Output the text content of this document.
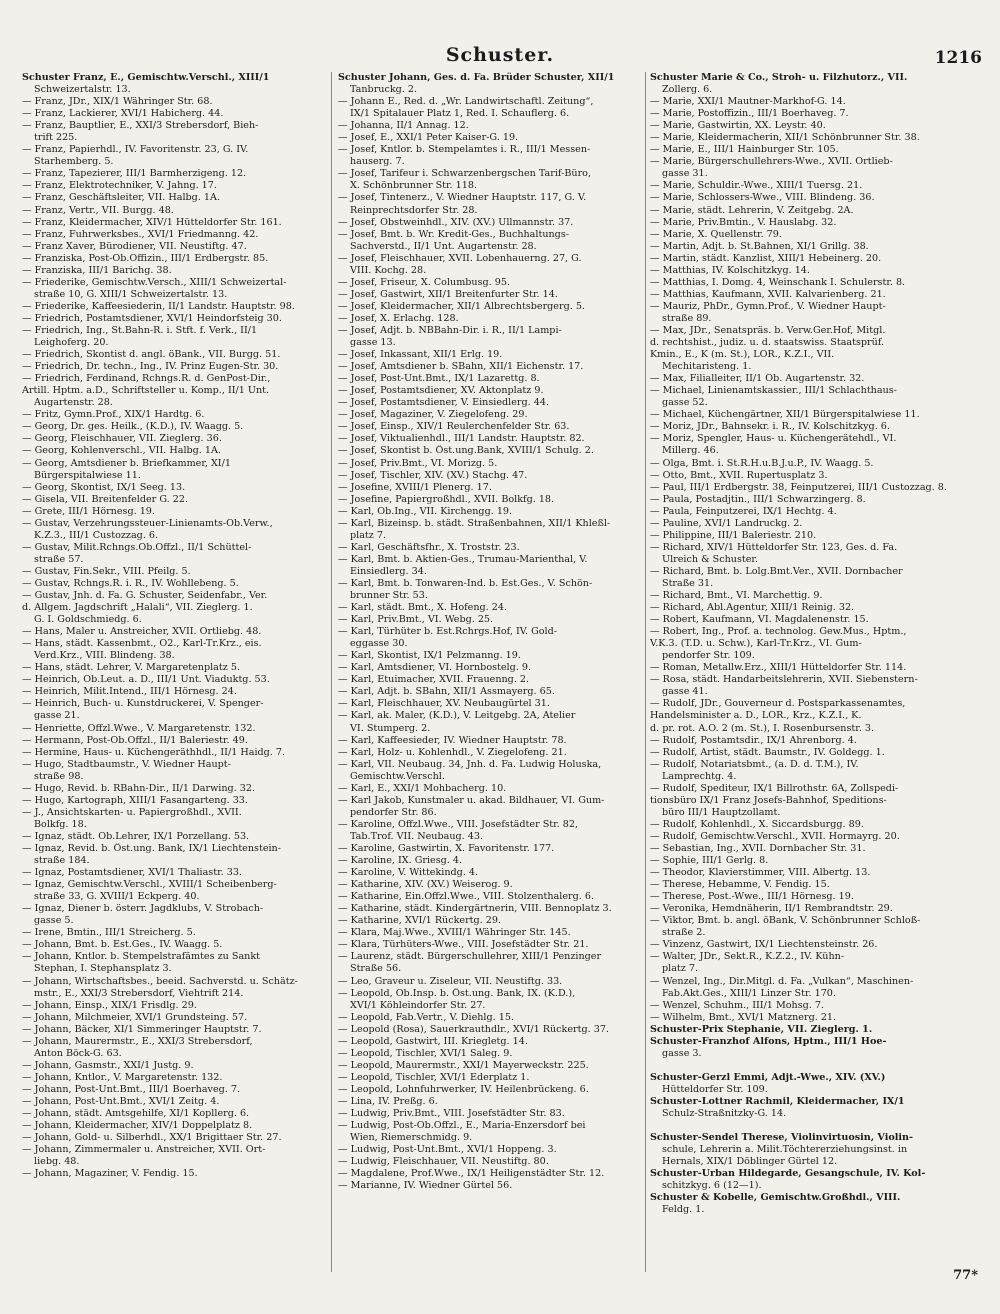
Schuster.	1216
Schuster Franz, E., Gemischtw.Verschl., XIII/1
Schweizertalstr. 13.
— Franz, JDr., XIX/1 Währinger Str. 68.
— Franz, Lackierer, XVI/1 Habicherg. 44.
— Franz, Bauptlier, E., XXI/3 Strebersdorf, Bieh-
trift 225.
— Franz, Papierhdl., IV. Favoritenstr. 23, G. IV.
Starhemberg. 5.
— Franz, Tapezierer, III/1 Barmherzigeng. 12.
— Franz, Elektrotechniker, V. Jahng. 17.
— Franz, Geschäftsleiter, VII. Halbg. 1A.
— Franz, Vertr., VII. Burgg. 48.
— Franz, Kleidermacher, XIV/1 Hütteldorfer Str. 161.
— Franz, Fuhrwerksbes., XVI/1 Friedmanng. 42.
— Franz Xaver, Bürodiener, VII. Neustiftg. 47.
— Franziska, Post-Ob.Offizin., III/1 Erdbergstr. 85.
— Franziska, III/1 Barichg. 38.
— Friederike, Gemischtw.Versch., XIII/1 Schweizertal-
straße 10, G. XIII/1 Schweizertalstr. 13.
— Friederike, Kaffeesiederin, II/1 Landstr. Hauptstr. 98.
— Friedrich, Postamtsdiener, XVI/1 Heindorfsteig 30.
— Friedrich, Ing., St.Bahn-R. i. Stft. f. Verk., II/1
Leighoferg. 20.
— Friedrich, Skontist d. angl. öBank., VII. Burgg. 51.
— Friedrich, Dr. techn., Ing., IV. Prinz Eugen-Str. 30.
— Friedrich, Ferdinand, Rchngs.R. d. GenPost-Dir.,
Artill. Hptm. a.D., Schriftsteller u. Komp., II/1 Unt.
Augartenstr. 28.
— Fritz, Gymn.Prof., XIX/1 Hardtg. 6.
— Georg, Dr. ges. Heilk., (K.D.), IV. Waagg. 5.
— Georg, Fleischhauer, VII. Zieglerg. 36.
— Georg, Kohlenverschl., VII. Halbg. 1A.
— Georg, Amtsdiener b. Briefkammer, XI/1
Bürgerspitalwiese 11.
— Georg, Skontist, IX/1 Seeg. 13.
— Gisela, VII. Breitenfelder G. 22.
— Grete, III/1 Hörnesg. 19.
— Gustav, Verzehrungssteuer-Linienamts-Ob.Verw.,
K.Z.3., III/1 Custozzag. 6.
— Gustav, Milit.Rchngs.Ob.Offzl., II/1 Schüttel-
straße 57.
— Gustav, Fin.Sekr., VIII. Pfeilg. 5.
— Gustav, Rchngs.R. i. R., IV. Wohllebeng. 5.
— Gustav, Jnh. d. Fa. G. Schuster, Seidenfabr., Ver.
d. Allgem. Jagdschrift „Halali“, VII. Zieglerg. 1.
G. I. Goldschmiedg. 6.
— Hans, Maler u. Anstreicher, XVII. Ortliebg. 48.
— Hans, städt. Kassenbmt., O2., Karl-Tr.Krz., eis.
Verd.Krz., VIII. Blindeng. 38.
— Hans, städt. Lehrer, V. Margaretenplatz 5.
— Heinrich, Ob.Leut. a. D., III/1 Unt. Viaduktg. 53.
— Heinrich, Milit.Intend., III/1 Hörnesg. 24.
— Heinrich, Buch- u. Kunstdruckerei, V. Spenger-
gasse 21.
— Henriette, Offzl.Wwe., V. Margaretenstr. 132.
— Hermann, Post-Ob.Offzl., II/1 Baleriestr. 49.
— Hermine, Haus- u. Küchengeräthhdl., II/1 Haidg. 7.
— Hugo, Stadtbaumstr., V. Wiedner Haupt-
straße 98.
— Hugo, Revid. b. RBahn-Dir., II/1 Darwing. 32.
— Hugo, Kartograph, XIII/1 Fasangarteng. 33.
— J., Ansichtskarten- u. Papiergroßhdl., XVII.
Bolkfg. 18.
— Ignaz, städt. Ob.Lehrer, IX/1 Porzellang. 53.
— Ignaz, Revid. b. Öst.ung. Bank, IX/1 Liechtenstein-
straße 184.
— Ignaz, Postamtsdiener, XVI/1 Thaliastr. 33.
— Ignaz, Gemischtw.Verschl., XVIII/1 Scheibenberg-
straße 33, G. XVIII/1 Eckperg. 40.
— Ignaz, Diener b. österr. Jagdklubs, V. Strobach-
gasse 5.
— Irene, Bmtin., III/1 Streicherg. 5.
— Johann, Bmt. b. Est.Ges., IV. Waagg. 5.
— Johann, Kntlor. b. Stempelstrafämtes zu Sankt
Stephan, I. Stephansplatz 3.
— Johann, Wirtschaftsbes., beeid. Sachverstd. u. Schätz-
mstr., E., XXI/3 Strebersdorf, Viehtrift 214.
— Johann, Einsp., XIX/1 Frisdlg. 29.
— Johann, Milchmeier, XVI/1 Grundsteing. 57.
— Johann, Bäcker, XI/1 Simmeringer Hauptstr. 7.
— Johann, Maurermstr., E., XXI/3 Strebersdorf,
Anton Böck-G. 63.
— Johann, Gasmstr., XXI/1 Justg. 9.
— Johann, Kntlor., V. Margaretenstr. 132.
— Johann, Post-Unt.Bmt., III/1 Boerhaveg. 7.
— Johann, Post-Unt.Bmt., XVI/1 Zeitg. 4.
— Johann, städt. Amtsgehilfe, XI/1 Kopllerg. 6.
— Johann, Kleidermacher, XIV/1 Doppelplatz 8.
— Johann, Gold- u. Silberhdl., XX/1 Brigittaer Str. 27.
— Johann, Zimmermaler u. Anstreicher, XVII. Ort-
liebg. 48.
— Johann, Magaziner, V. Fendig. 15.
Schuster Johann, Ges. d. Fa. Brüder Schuster, XII/1
Tanbruckg. 2.
— Johann E., Red. d. „Wr. Landwirtschaftl. Zeitung“,
IX/1 Spitalauer Platz 1, Red. I. Schauflerg. 6.
— Johanna, II/1 Annag. 12.
— Josef, E., XXI/1 Peter Kaiser-G. 19.
— Josef, Kntlor. b. Stempelamtes i. R., III/1 Messen-
hauserg. 7.
— Josef, Tarifeur i. Schwarzenbergschen Tarif-Büro,
X. Schönbrunner Str. 118.
— Josef, Tintenerz., V. Wiedner Hauptstr. 117, G. V.
Reinprechtsdorfer Str. 28.
— Josef, Obstweinhdl., XIV. (XV.) Ullmannstr. 37.
— Josef, Bmt. b. Wr. Kredit-Ges., Buchhaltungs-
Sachverstd., II/1 Unt. Augartenstr. 28.
— Josef, Fleischhauer, XVII. Lobenhauerng. 27, G.
VIII. Kochg. 28.
— Josef, Friseur, X. Columbusg. 95.
— Josef, Gastwirt, XII/1 Breitenfurter Str. 14.
— Josef, Kleidermacher, XII/1 Albrechtsbergerg. 5.
— Josef, X. Erlachg. 128.
— Josef, Adjt. b. NBBahn-Dir. i. R., II/1 Lampi-
gasse 13.
— Josef, Inkassant, XII/1 Erlg. 19.
— Josef, Amtsdiener b. SBahn, XII/1 Eichenstr. 17.
— Josef, Post-Unt.Bmt., IX/1 Lazarettg. 8.
— Josef, Postamtsdiener, XV. Aktonplatz 9.
— Josef, Postamtsdiener, V. Einsiedlerg. 44.
— Josef, Magaziner, V. Ziegelofeng. 29.
— Josef, Einsp., XIV/1 Reulerchenfelder Str. 63.
— Josef, Viktualienhdl., III/1 Landstr. Hauptstr. 82.
— Josef, Skontist b. Öst.ung.Bank, XVIII/1 Schulg. 2.
— Josef, Priv.Bmt., VI. Morizg. 5.
— Josef, Tischler, XIV. (XV.) Stachg. 47.
— Josefine, XVIII/1 Plenerg. 17.
— Josefine, Papiergroßhdl., XVII. Bolkfg. 18.
— Karl, Ob.Ing., VII. Kirchengg. 19.
— Karl, Bizeinsp. b. städt. Straßenbahnen, XII/1 Khleßl-
platz 7.
— Karl, Geschäftsfhr., X. Troststr. 23.
— Karl, Bmt. b. Aktien-Ges., Trumau-Marienthal, V.
Einsiedlerg. 34.
— Karl, Bmt. b. Tonwaren-Ind. b. Est.Ges., V. Schön-
brunner Str. 53.
— Karl, städt. Bmt., X. Hofeng. 24.
— Karl, Priv.Bmt., VI. Webg. 25.
— Karl, Türhüter b. Est.Rchrgs.Hof, IV. Gold-
eggasse 30.
— Karl, Skontist, IX/1 Pelzmanng. 19.
— Karl, Amtsdiener, VI. Hornbostelg. 9.
— Karl, Etuimacher, XVII. Frauenng. 2.
— Karl, Adjt. b. SBahn, XII/1 Assmayerg. 65.
— Karl, Fleischhauer, XV. Neubaugürtel 31.
— Karl, ak. Maler, (K.D.), V. Leitgebg. 2A, Atelier
VI. Stumperg. 2.
— Karl, Kaffeesieder, IV. Wiedner Hauptstr. 78.
— Karl, Holz- u. Kohlenhdl., V. Ziegelofeng. 21.
— Karl, VII. Neubaug. 34, Jnh. d. Fa. Ludwig Holuska,
Gemischtw.Verschl.
— Karl, E., XXI/1 Mohbacherg. 10.
— Karl Jakob, Kunstmaler u. akad. Bildhauer, VI. Gum-
pendorfer Str. 86.
— Karoline, Offzl.Wwe., VIII. Josefstädter Str. 82,
Tab.Trof. VII. Neubaug. 43.
— Karoline, Gastwirtin, X. Favoritenstr. 177.
— Karoline, IX. Griesg. 4.
— Karoline, V. Wittekindg. 4.
— Katharine, XIV. (XV.) Weiserog. 9.
— Katharine, Ein.Offzl.Wwe., VIII. Stolzenthalerg. 6.
— Katharine, städt. Kindergärtnerin, VIII. Bennoplatz 3.
— Katharine, XVI/1 Rückertg. 29.
— Klara, Maj.Wwe., XVIII/1 Währinger Str. 145.
— Klara, Türhüters-Wwe., VIII. Josefstädter Str. 21.
— Laurenz, städt. Bürgerschullehrer, XIII/1 Penzinger
Straße 56.
— Leo, Graveur u. Ziseleur, VII. Neustiftg. 33.
— Leopold, Ob.Insp. b. Öst.ung. Bank, IX. (K.D.),
XVI/1 Köhleindorfer Str. 27.
— Leopold, Fab.Vertr., V. Diehlg. 15.
— Leopold (Rosa), Sauerkrauthdlr., XVI/1 Rückertg. 37.
— Leopold, Gastwirt, III. Kriegletg. 14.
— Leopold, Tischler, XVI/1 Saleg. 9.
— Leopold, Maurermstr., XXI/1 Mayerweckstr. 225.
— Leopold, Tischler, XVI/1 Ederplatz 1.
— Leopold, Lohnfuhrwerker, IV. Heilenbrückeng. 6.
— Lina, IV. Preßg. 6.
— Ludwig, Priv.Bmt., VIII. Josefstädter Str. 83.
— Ludwig, Post-Ob.Offzl., E., Maria-Enzersdorf bei
Wien, Riemerschmidg. 9.
— Ludwig, Post-Unt.Bmt., XVI/1 Hoppeng. 3.
— Ludwig, Fleischhauer, VII. Neustiftg. 80.
— Magdalene, Prof.Wwe., IX/1 Heiligenstädter Str. 12.
— Marianne, IV. Wiedner Gürtel 56.
Schuster Marie & Co., Stroh- u. Filzhutorz., VII.
Zollerg. 6.
— Marie, XXI/1 Mautner-Markhof-G. 14.
— Marie, Postoffizin., III/1 Boerhaveg. 7.
— Marie, Gastwirtin, XX. Leystr. 40.
— Marie, Kleidermacherin, XII/1 Schönbrunner Str. 38.
— Marie, E., III/1 Hainburger Str. 105.
— Marie, Bürgerschullehrers-Wwe., XVII. Ortlieb-
gasse 31.
— Marie, Schuldir.-Wwe., XIII/1 Tuersg. 21.
— Marie, Schlossers-Wwe., VIII. Blindeng. 36.
— Marie, städt. Lehrerin, V. Zeitgebg. 2A.
— Marie, Priv.Bmtin., V. Hauslabg. 32.
— Marie, X. Quellenstr. 79.
— Martin, Adjt. b. St.Bahnen, XI/1 Grillg. 38.
— Martin, städt. Kanzlist, XIII/1 Hebeinerg. 20.
— Matthias, IV. Kolschitzkyg. 14.
— Matthias, I. Domg. 4, Weinschank I. Schulerstr. 8.
— Matthias, Kaufmann, XVII. Kalvarienberg. 21.
— Mauriz, PhDr., Gymn.Prof., V. Wiedner Haupt-
straße 89.
— Max, JDr., Senatspräs. b. Verw.Ger.Hof, Mitgl.
d. rechtshist., judiz. u. d. staatswiss. Staatsprüf.
Kmin., E., K (m. St.), LOR., K.Z.I., VII.
Mechitaristeng. 1.
— Max, Filialleiter, II/1 Ob. Augartenstr. 32.
— Michael, Linienamtskassier., III/1 Schlachthaus-
gasse 52.
— Michael, Küchengärtner, XII/1 Bürgerspitalwiese 11.
— Moriz, JDr., Bahnsekr. i. R., IV. Kolschitzkyg. 6.
— Moriz, Spengler, Haus- u. Küchengerätehdl., VI.
Millerg. 46.
— Olga, Bmt. i. St.R.H.u.B.J.u.P., IV. Waagg. 5.
— Otto, Bmt., XVII. Rupertusplatz 3.
— Paul, III/1 Erdbergstr. 38, Feinputzerei, III/1 Custozzag. 8.
— Paula, Postadjtin., III/1 Schwarzingerg. 8.
— Paula, Feinputzerei, IX/1 Hechtg. 4.
— Pauline, XVI/1 Landruckg. 2.
— Philippine, III/1 Baleriestr. 210.
— Richard, XIV/1 Hütteldorfer Str. 123, Ges. d. Fa.
Ulreich & Schuster.
— Richard, Bmt. b. Lolg.Bmt.Ver., XVII. Dornbacher
Straße 31.
— Richard, Bmt., VI. Marchettig. 9.
— Richard, Abl.Agentur, XIII/1 Reinig. 32.
— Robert, Kaufmann, VI. Magdalenenstr. 15.
— Robert, Ing., Prof. a. technolog. Gew.Mus., Hptm.,
V.K.3. (T.D. u. Schw.), Karl-Tr.Krz., VI. Gum-
pendorfer Str. 109.
— Roman, Metallw.Erz., XIII/1 Hütteldorfer Str. 114.
— Rosa, städt. Handarbeitslehrerin, XVII. Siebenstern-
gasse 41.
— Rudolf, JDr., Gouverneur d. Postsparkassenamtes,
Handelsminister a. D., LOR., Krz., K.Z.I., K.
d. pr. rot. A.O. 2 (m. St.), I. Rosenbursenstr. 3.
— Rudolf, Postamtsdir., IX/1 Ahrenborg. 4.
— Rudolf, Artist, städt. Baumstr., IV. Goldegg. 1.
— Rudolf, Notariatsbmt., (a. D. d. T.M.), IV.
Lamprechtg. 4.
— Rudolf, Spediteur, IX/1 Billrothstr. 6A, Zollspedi-
tionsbüro IX/1 Franz Josefs-Bahnhof, Speditions-
büro III/1 Hauptzollamt.
— Rudolf, Kohlenhdl., X. Siccardsburgg. 89.
— Rudolf, Gemischtw.Verschl., XVII. Hormayrg. 20.
— Sebastian, Ing., XVII. Dornbacher Str. 31.
— Sophie, III/1 Gerlg. 8.
— Theodor, Klavierstimmer, VIII. Albertg. 13.
— Therese, Hebamme, V. Fendig. 15.
— Therese, Post.-Wwe., III/1 Hörnesg. 19.
— Veronika, Hemdnäherin, II/1 Rembrandtstr. 29.
— Viktor, Bmt. b. angl. öBank, V. Schönbrunner Schloß-
straße 2.
— Vinzenz, Gastwirt, IX/1 Liechtensteinstr. 26.
— Walter, JDr., Sekt.R., K.Z.2., IV. Kühn-
platz 7.
— Wenzel, Ing., Dir.Mitgl. d. Fa. „Vulkan“, Maschinen-
Fab.Akt.Ges., XIII/1 Linzer Str. 170.
— Wenzel, Schuhm., III/1 Mohsg. 7.
— Wilhelm, Bmt., XVI/1 Matznerg. 21.
Schuster-Prix Stephanie, VII. Zieglerg. 1.
Schuster-Franzhof Alfons, Hptm., III/1 Hoe-
gasse 3.

Schuster-Gerzl Emmi, Adjt.-Wwe., XIV. (XV.)
Hütteldorfer Str. 109.
Schuster-Lottner Rachmil, Kleidermacher, IX/1
Schulz-Straßnitzky-G. 14.

Schuster-Sendel Therese, Violinvirtuosin, Violin-
schule, Lehrerin a. Milit.Töchtererziehungsinst. in
Hernals, XIX/1 Döblinger Gürtel 12.
Schuster-Urban Hildegarde, Gesangschule, IV. Kol-
schitzkyg. 6 (12—1).
Schuster & Kobelle, Gemischtw.Großhdl., VIII.
Feldg. 1.
77*
